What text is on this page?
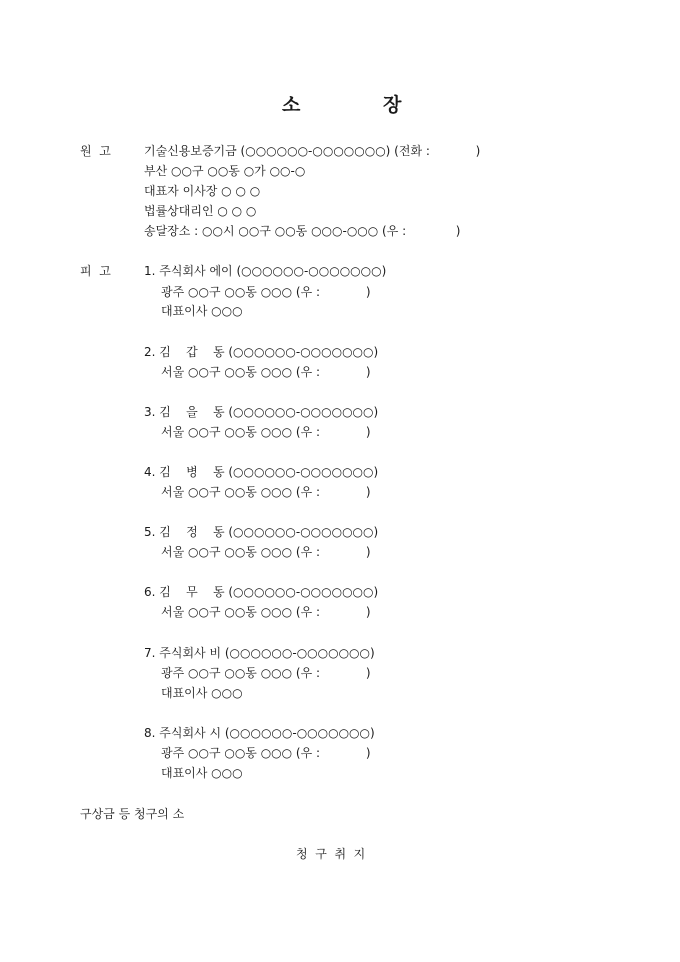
소	장
원  고	기술신용보증기금 (○○○○○○-○○○○○○○) (전화 :            )
부산 ○○구 ○○동 ○가 ○○-○
대표자 이사장 ○ ○ ○
법률상대리인 ○ ○ ○
송달장소 : ○○시 ○○구 ○○동 ○○○-○○○ (우 :             )
피  고	1. 주식회사 에이 (○○○○○○-○○○○○○○)
광주 ○○구 ○○동 ○○○ (우 :            )
대표이사 ○○○
2. 김    갑    동 (○○○○○○-○○○○○○○)
서울 ○○구 ○○동 ○○○ (우 :            )
3. 김    을    동 (○○○○○○-○○○○○○○)
서울 ○○구 ○○동 ○○○ (우 :            )
4. 김    병    동 (○○○○○○-○○○○○○○)
서울 ○○구 ○○동 ○○○ (우 :            )
5. 김    정    동 (○○○○○○-○○○○○○○)
서울 ○○구 ○○동 ○○○ (우 :            )
6. 김    무    동 (○○○○○○-○○○○○○○)
서울 ○○구 ○○동 ○○○ (우 :            )
7. 주식회사 비 (○○○○○○-○○○○○○○)
광주 ○○구 ○○동 ○○○ (우 :            )
대표이사 ○○○
8. 주식회사 시 (○○○○○○-○○○○○○○)
광주 ○○구 ○○동 ○○○ (우 :            )
대표이사 ○○○
구상금 등 청구의 소
청  구  취  지
